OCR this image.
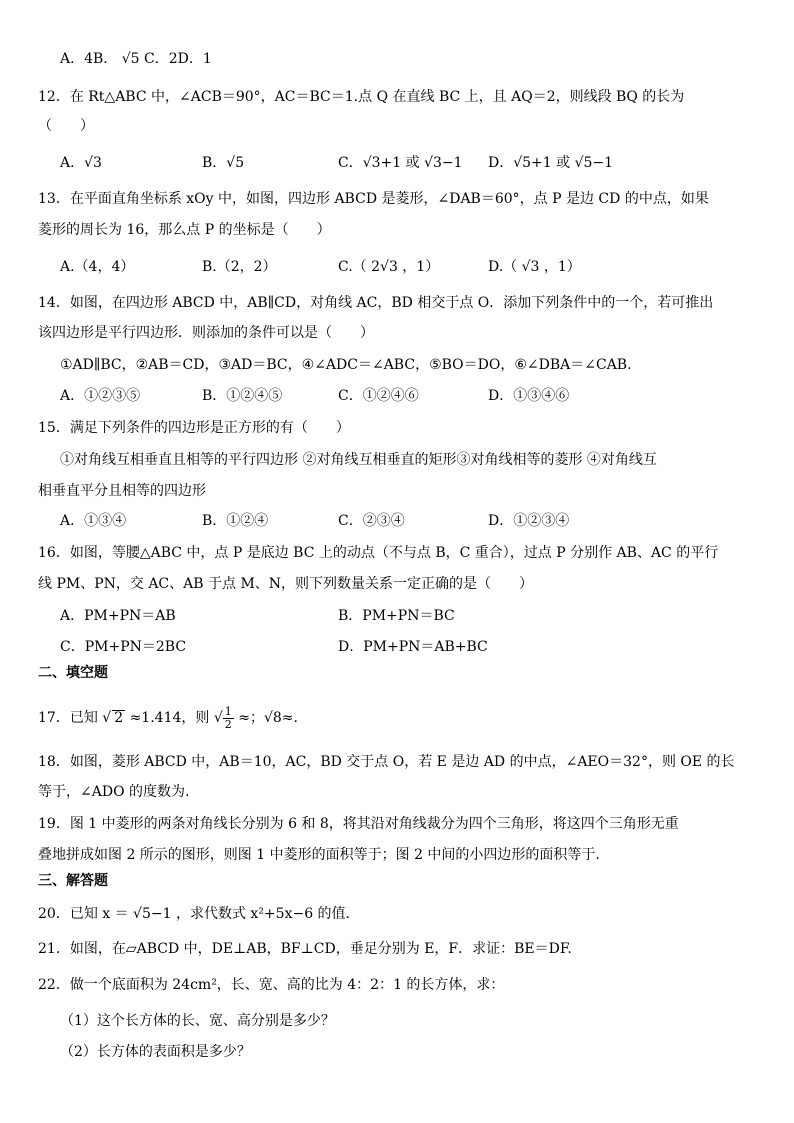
A．4B． √5 C．2D．1
12．在 Rt△ABC 中，∠ACB＝90°，AC＝BC＝1.点 Q 在直线 BC 上，且 AQ＝2，则线段 BQ 的长为
（　　）
A．√3	B．√5	C．√3+1 或 √3−1 D．√5+1 或 √5−1
13．在平面直角坐标系 xOy 中，如图，四边形 ABCD 是菱形，∠DAB＝60°，点 P 是边 CD 的中点，如果
菱形的周长为 16，那么点 P 的坐标是（　　）
A.（4，4）	B.（2，2）	C.（ 2√3 ，1）	D.（ √3 ，1）
14．如图，在四边形 ABCD 中，AB∥CD，对角线 AC，BD 相交于点 O．添加下列条件中的一个，若可推出
该四边形是平行四边形．则添加的条件可以是（　　）
①AD∥BC，②AB＝CD，③AD＝BC，④∠ADC＝∠ABC，⑤BO＝DO，⑥∠DBA＝∠CAB.
A．①②③⑤	B．①②④⑤	C．①②④⑥	D．①③④⑥
15．满足下列条件的四边形是正方形的有（　　）
①对角线互相垂直且相等的平行四边形 ②对角线互相垂直的矩形③对角线相等的菱形 ④对角线互
相垂直平分且相等的四边形
A．①③④	B．①②④	C．②③④	D．①②③④
16．如图，等腰△ABC 中，点 P 是底边 BC 上的动点（不与点 B，C 重合），过点 P 分别作 AB、AC 的平行
线 PM、PN，交 AC、AB 于点 M、N，则下列数量关系一定正确的是（　　）
A．PM+PN＝AB	B．PM+PN＝BC
C．PM+PN＝2BC	D．PM+PN＝AB+BC
二、填空题
17．已知 √ 2 ≈1.414，则 √ $\frac{1}{2}$ ≈；√8≈.
18．如图，菱形 ABCD 中，AB＝10，AC，BD 交于点 O，若 E 是边 AD 的中点，∠AEO＝32°，则 OE 的长
等于，∠ADO 的度数为.
19．图 1 中菱形的两条对角线长分别为 6 和 8，将其沿对角线裁分为四个三角形，将这四个三角形无重
叠地拼成如图 2 所示的图形，则图 1 中菱形的面积等于；图 2 中间的小四边形的面积等于.
三、解答题
20．已知 x ＝ √5−1 ，求代数式 x²+5x−6 的值.
21．如图，在▱ABCD 中，DE⊥AB，BF⊥CD，垂足分别为 E，F．求证：BE＝DF.
22．做一个底面积为 24cm²，长、宽、高的比为 4：2：1 的长方体，求：
（1）这个长方体的长、宽、高分别是多少？
（2）长方体的表面积是多少？
